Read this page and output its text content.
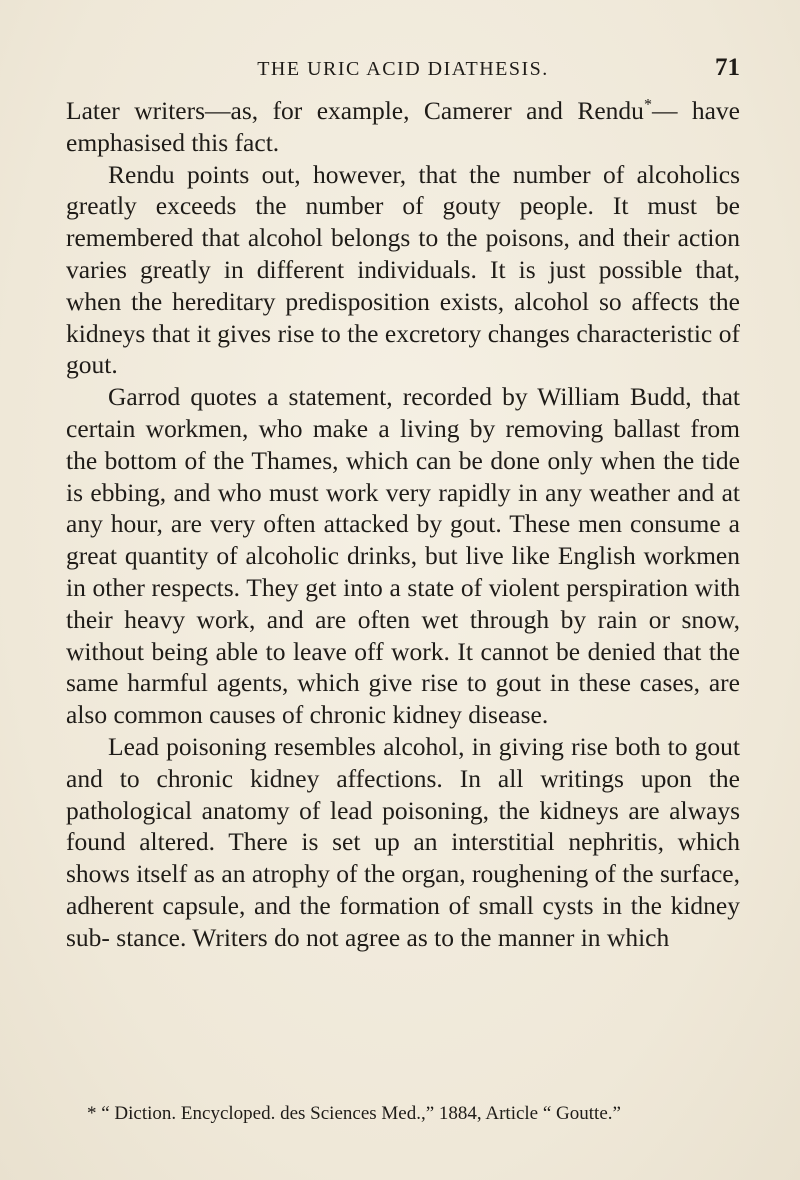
THE URIC ACID DIATHESIS.	71

Later writers—as, for example, Camerer and Rendu*— have emphasised this fact.

Rendu points out, however, that the number of alcoholics greatly exceeds the number of gouty people. It must be remembered that alcohol belongs to the poisons, and their action varies greatly in different individuals. It is just possible that, when the hereditary predisposition exists, alcohol so affects the kidneys that it gives rise to the excretory changes characteristic of gout.

Garrod quotes a statement, recorded by William Budd, that certain workmen, who make a living by removing ballast from the bottom of the Thames, which can be done only when the tide is ebbing, and who must work very rapidly in any weather and at any hour, are very often attacked by gout. These men consume a great quantity of alcoholic drinks, but live like English workmen in other respects. They get into a state of violent perspiration with their heavy work, and are often wet through by rain or snow, without being able to leave off work. It cannot be denied that the same harmful agents, which give rise to gout in these cases, are also common causes of chronic kidney disease.

Lead poisoning resembles alcohol, in giving rise both to gout and to chronic kidney affections. In all writings upon the pathological anatomy of lead poisoning, the kidneys are always found altered. There is set up an interstitial nephritis, which shows itself as an atrophy of the organ, roughening of the surface, adherent capsule, and the formation of small cysts in the kidney sub- stance. Writers do not agree as to the manner in which

* “ Diction. Encycloped. des Sciences Med.,” 1884, Article “ Goutte.”
